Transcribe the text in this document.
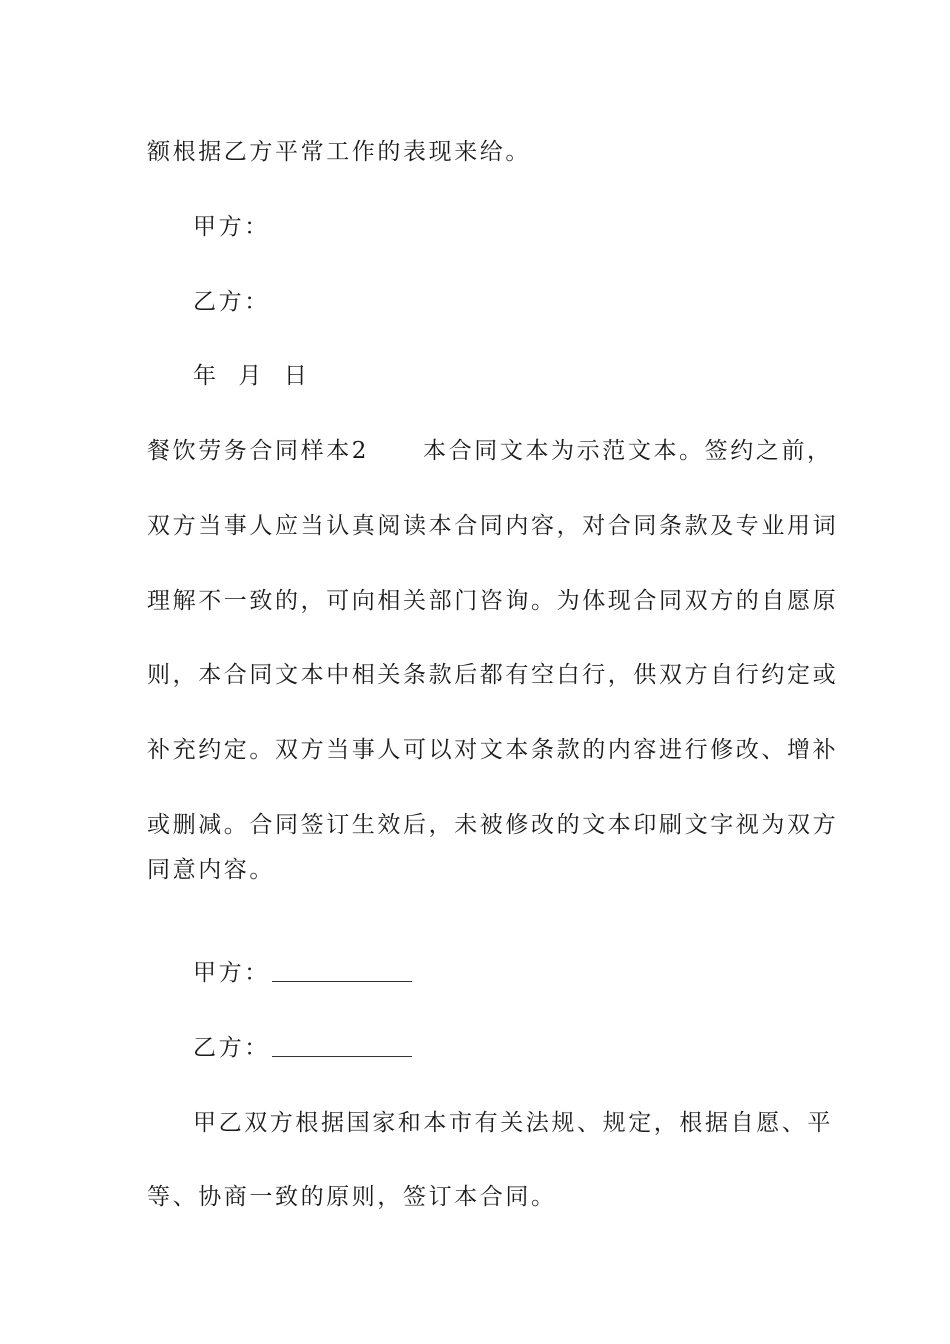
额根据乙方平常工作的表现来给。
甲方：
乙方：
年  月  日
餐饮劳务合同样本2 本合同文本为示范文本。签约之前，
双方当事人应当认真阅读本合同内容，对合同条款及专业用词
理解不一致的，可向相关部门咨询。为体现合同双方的自愿原
则，本合同文本中相关条款后都有空白行，供双方自行约定或
补充约定。双方当事人可以对文本条款的内容进行修改、增补
或删减。合同签订生效后，未被修改的文本印刷文字视为双方
同意内容。
甲方：
乙方：
甲乙双方根据国家和本市有关法规、规定，根据自愿、平
等、协商一致的原则，签订本合同。
